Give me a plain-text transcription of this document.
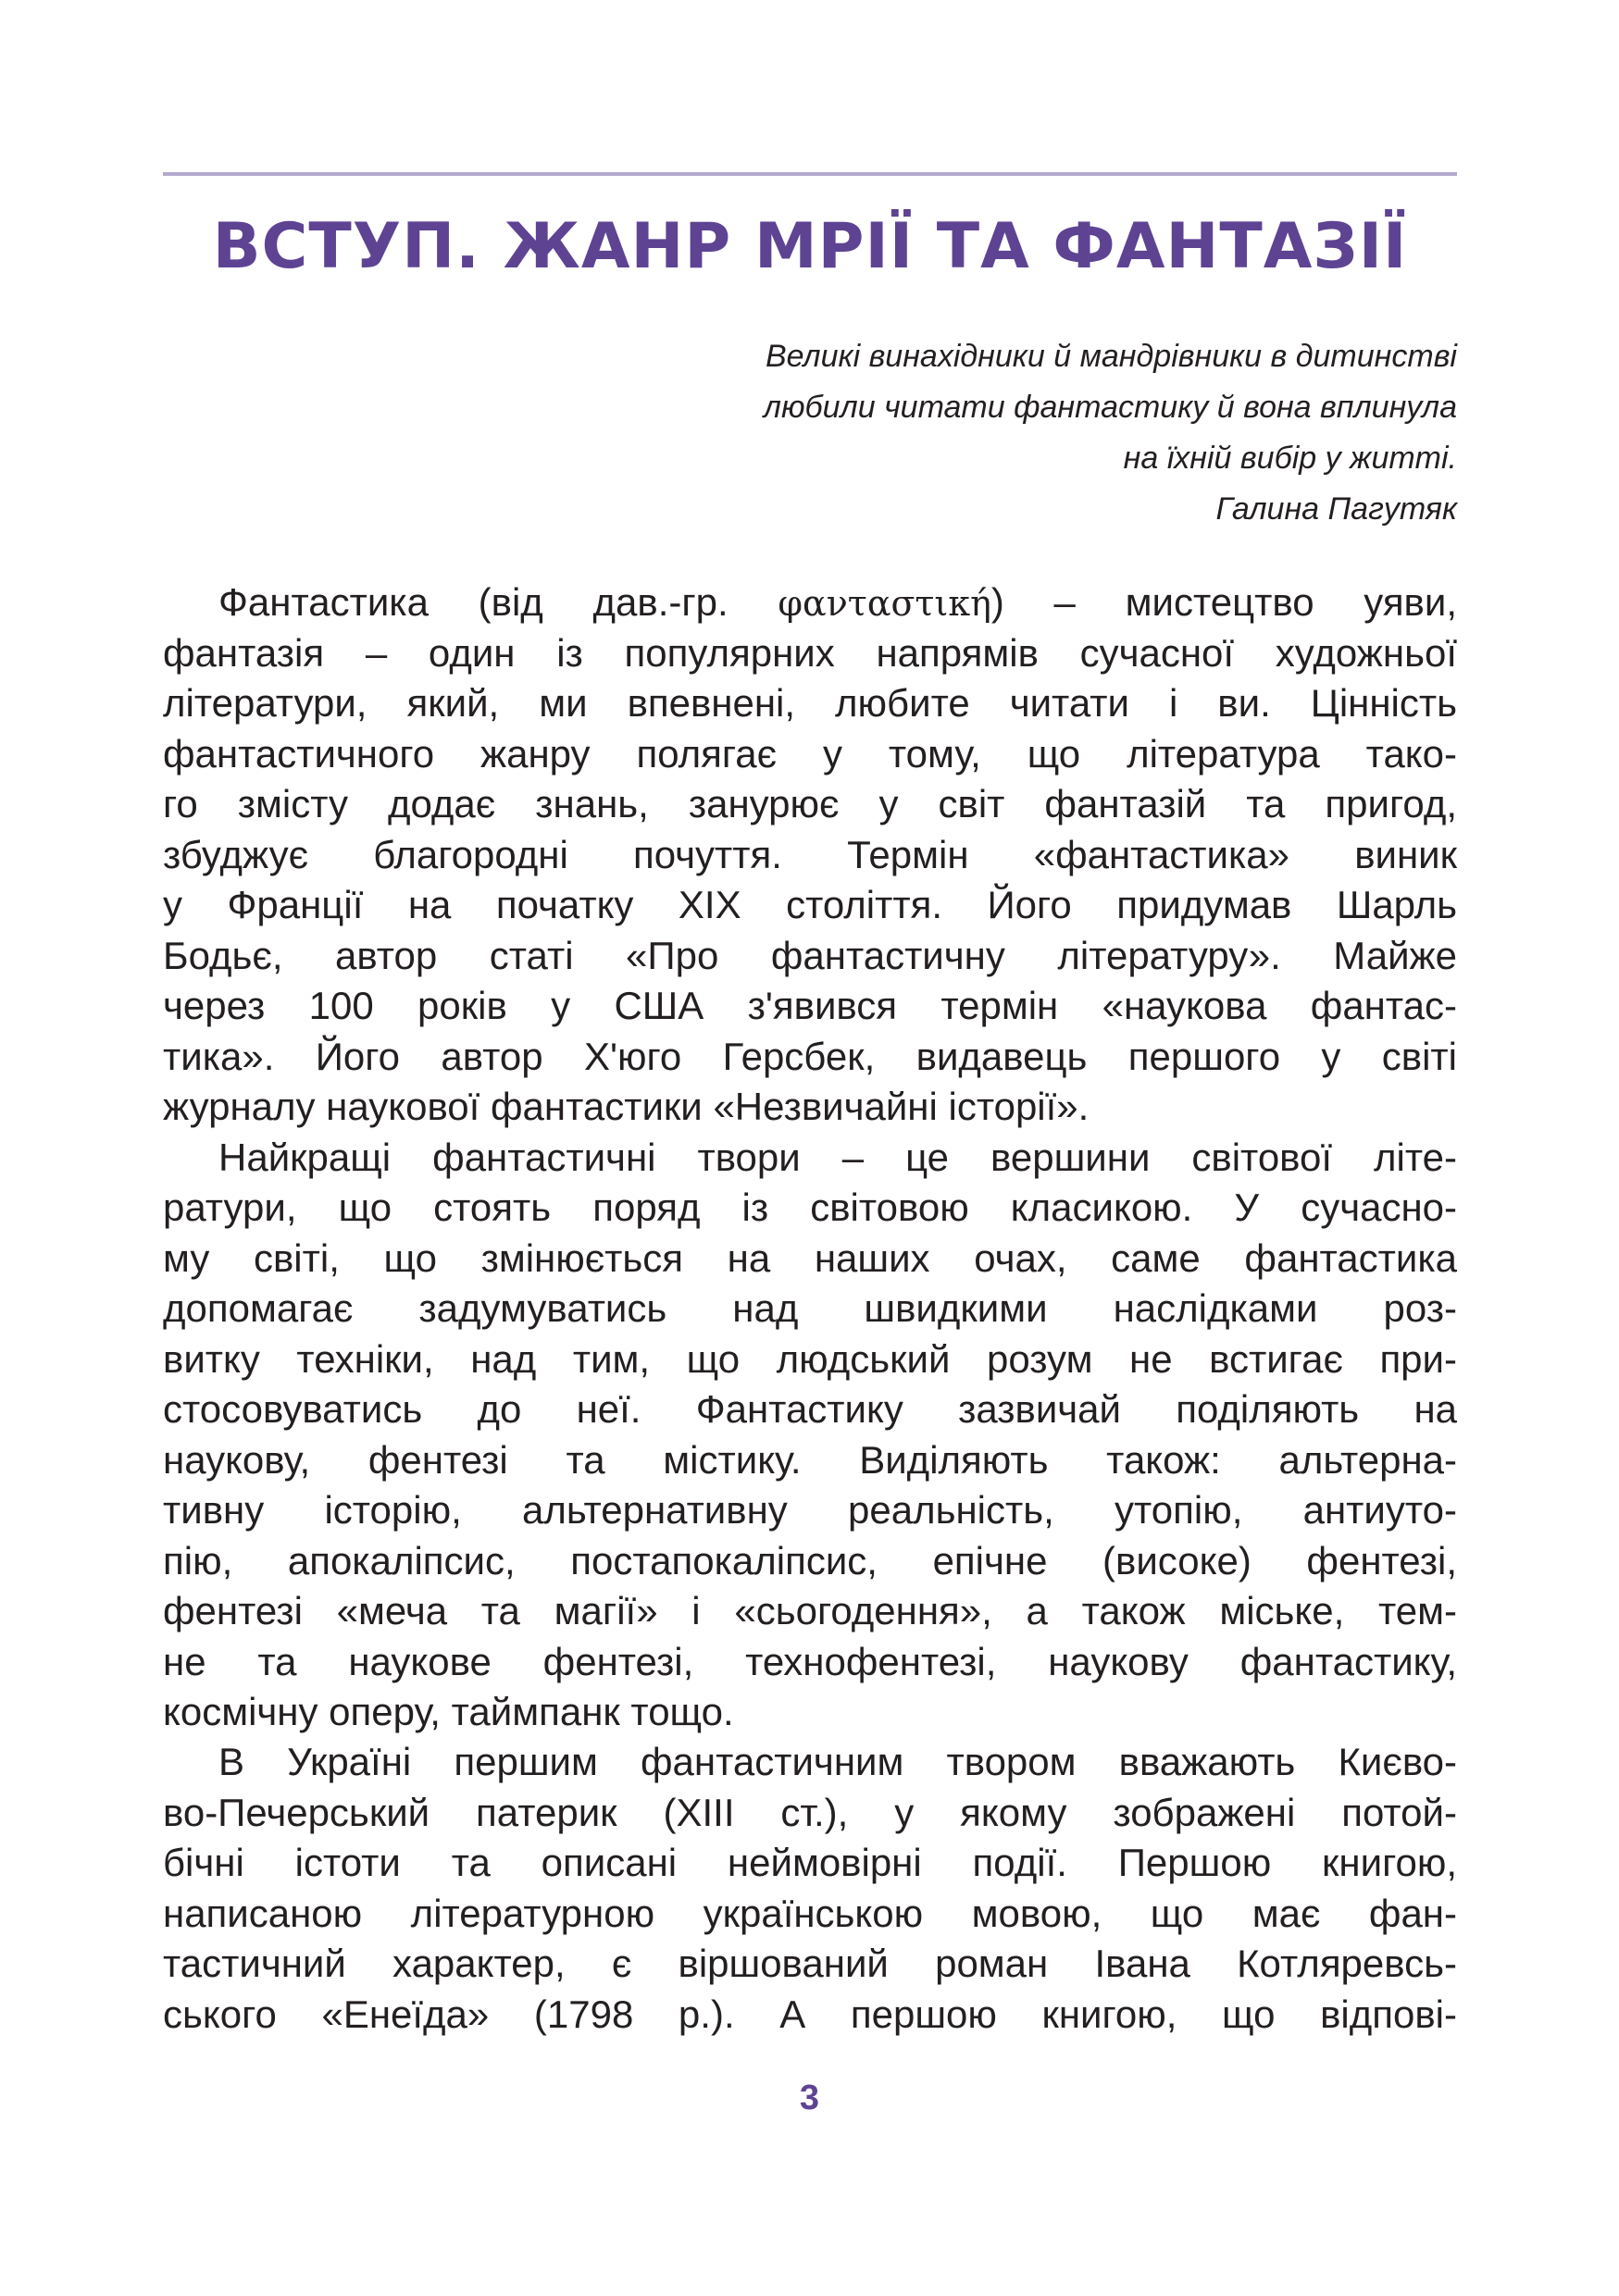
ВСТУП. ЖАНР МРІЇ ТА ФАНТАЗІЇ
Великі винахідники й мандрівники в дитинстві
любили читати фантастику й вона вплинула
на їхній вибір у житті.
Галина Пагутяк
Фантастика (від дав.-гр. φανταστική) – мистецтво уяви,
фантазія – один із популярних напрямів сучасної художньої
літератури, який, ми впевнені, любите читати і ви. Цінність
фантастичного жанру полягає у тому, що література тако-
го змісту додає знань, занурює у світ фантазій та пригод,
збуджує благородні почуття. Термін «фантастика» виник
у Франції на початку ХІХ століття. Його придумав Шарль
Бодьє, автор статі «Про фантастичну літературу». Майже
через 100 років у США з'явився термін «наукова фантас-
тика». Його автор Х'юго Герсбек, видавець першого у світі
журналу наукової фантастики «Незвичайні історії».
Найкращі фантастичні твори – це вершини світової літе-
ратури, що стоять поряд із світовою класикою. У сучасно-
му світі, що змінюється на наших очах, саме фантастика
допомагає задумуватись над швидкими наслідками роз-
витку техніки, над тим, що людський розум не встигає при-
стосовуватись до неї. Фантастику зазвичай поділяють на
наукову, фентезі та містику. Виділяють також: альтерна-
тивну історію, альтернативну реальність, утопію, антиуто-
пію, апокаліпсис, постапокаліпсис, епічне (високе) фентезі,
фентезі «меча та магії» і «сьогодення», а також міське, тем-
не та наукове фентезі, технофентезі, наукову фантастику,
космічну оперу, таймпанк тощо.
В Україні першим фантастичним твором вважають Києво-
во-Печерський патерик (ХІІІ ст.), у якому зображені потой-
бічні істоти та описані неймовірні події. Першою книгою,
написаною літературною українською мовою, що має фан-
тастичний характер, є віршований роман Івана Котляревсь-
ського «Енеїда» (1798 р.). А першою книгою, що відпові-
3
